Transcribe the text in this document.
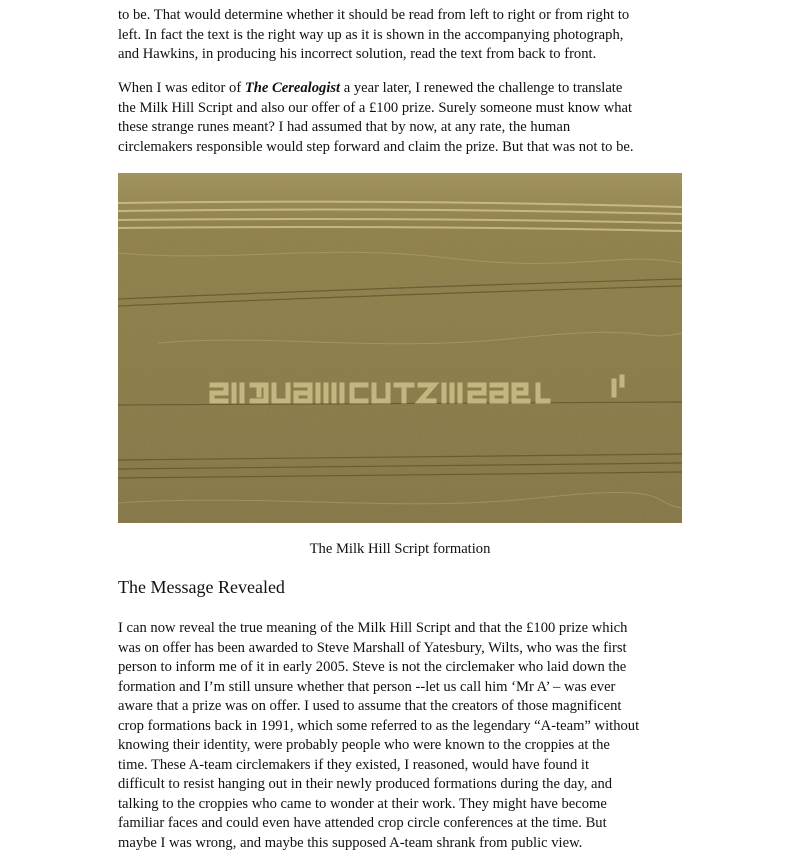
to be. That would determine whether it should be read from left to right or from right to

left. In fact the text is the right way up as it is shown in the accompanying photograph,

and Hawkins, in producing his incorrect solution, read the text from back to front.

When I was editor of The Cerealogist a year later, I renewed the challenge to translate

the Milk Hill Script and also our offer of a £100 prize. Surely someone must know what

these strange runes meant? I had assumed that by now, at any rate, the human

circlemakers responsible would step forward and claim the prize. But that was not to be.

The Milk Hill Script formation
The Message Revealed

I can now reveal the true meaning of the Milk Hill Script and that the £100 prize which

was on offer has been awarded to Steve Marshall of Yatesbury, Wilts, who was the first

person to inform me of it in early 2005. Steve is not the circlemaker who laid down the

formation and I’m still unsure whether that person --let us call him ‘Mr A’ – was ever

aware that a prize was on offer. I used to assume that the creators of those magnificent

crop formations back in 1991, which some referred to as the legendary “A-team” without

knowing their identity, were probably people who were known to the croppies at the

time. These A-team circlemakers if they existed, I reasoned, would have found it

difficult to resist hanging out in their newly produced formations during the day, and

talking to the croppies who came to wonder at their work. They might have become

familiar faces and could even have attended crop circle conferences at the time. But

maybe I was wrong, and maybe this supposed A-team shrank from public view.
